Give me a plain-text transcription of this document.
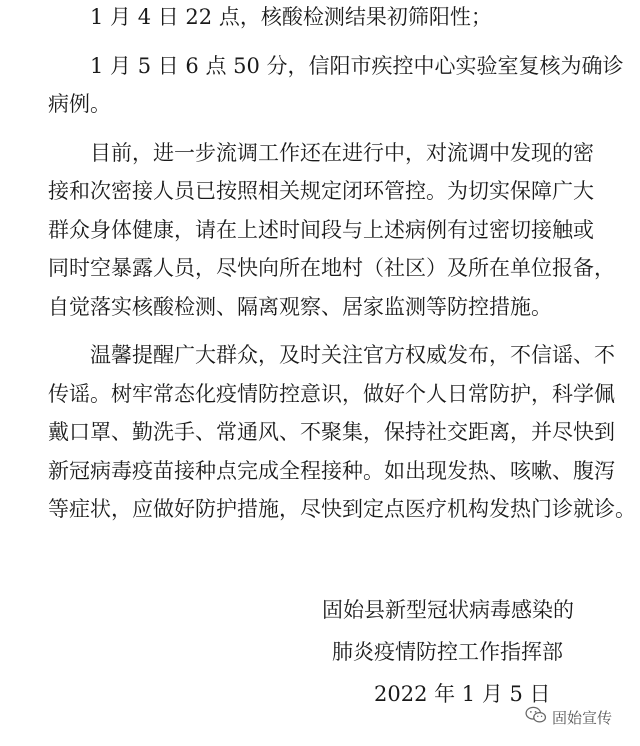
1 月 4 日 22 点，核酸检测结果初筛阳性；
1 月 5 日 6 点 50 分，信阳市疾控中心实验室复核为确诊
病例。
目前，进一步流调工作还在进行中，对流调中发现的密
接和次密接人员已按照相关规定闭环管控。为切实保障广大
群众身体健康，请在上述时间段与上述病例有过密切接触或
同时空暴露人员，尽快向所在地村（社区）及所在单位报备，
自觉落实核酸检测、隔离观察、居家监测等防控措施。
温馨提醒广大群众，及时关注官方权威发布，不信谣、不
传谣。树牢常态化疫情防控意识，做好个人日常防护，科学佩
戴口罩、勤洗手、常通风、不聚集，保持社交距离，并尽快到
新冠病毒疫苗接种点完成全程接种。如出现发热、咳嗽、腹泻
等症状，应做好防护措施，尽快到定点医疗机构发热门诊就诊。
固始县新型冠状病毒感染的
肺炎疫情防控工作指挥部
2022 年 1 月 5 日
固始宣传
